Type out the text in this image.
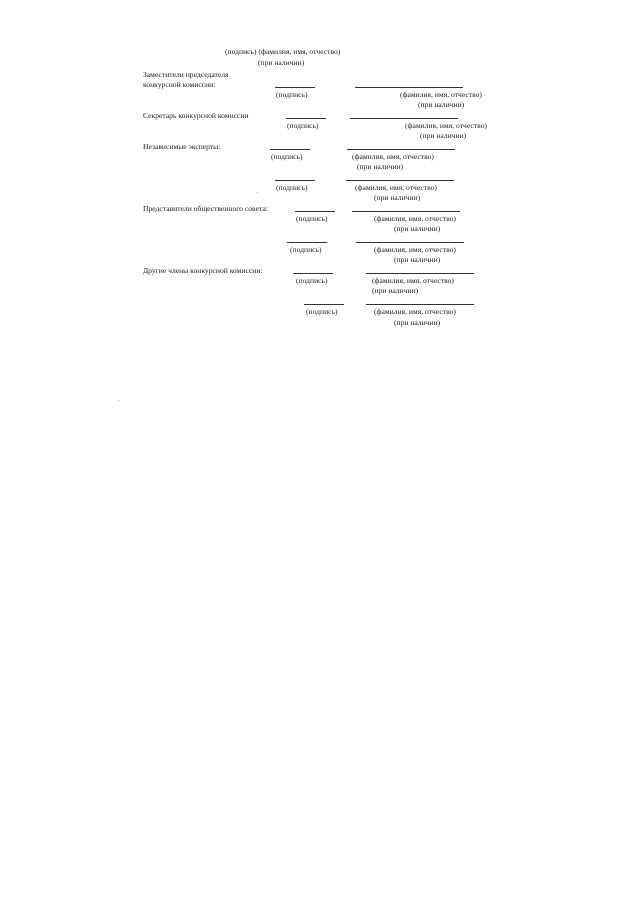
(подпись) (фамилия, имя, отчество)
(при наличии)
Заместители председателя
конкурсной комиссии:
(подпись)	(фамилия, имя, отчество)
(при наличии)
Секретарь конкурсной комиссии
(подпись)	(фамилия, имя, отчество)
(при наличии)
Независимые эксперты:
(подпись)	(фамилия, имя, отчество)
(при наличии)
(подпись)	(фамилия, имя, отчество)
(при наличии)
Представители общественного совета:
(подпись)	(фамилия, имя, отчество)
(при наличии)
(подпись)	(фамилия, имя, отчество)
(при наличии)
Другие члены конкурсной комиссии:
(подпись)	(фамилия, имя, отчество)
(при наличии)
(подпись)	(фамилия, имя, отчество)
(при наличии)
